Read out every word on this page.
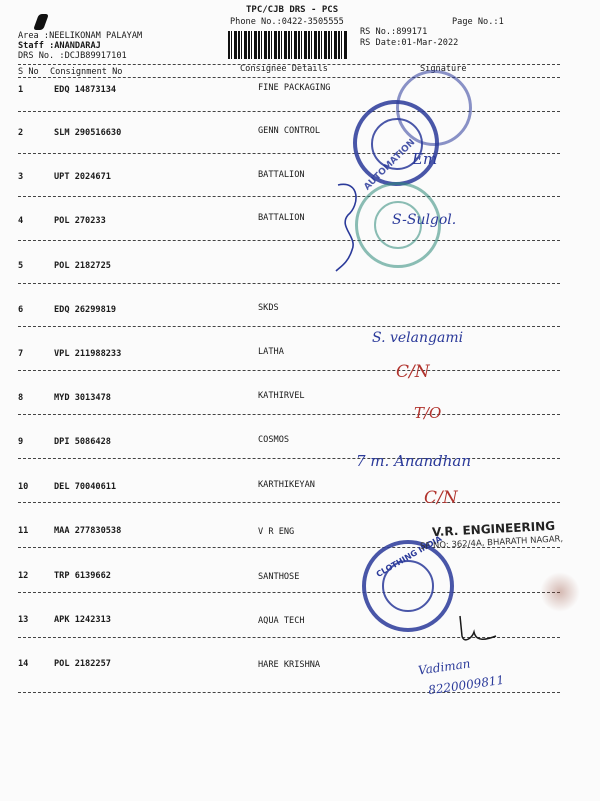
TPC/CJB DRS - PCS
Phone No.:0422-3505555	Page No.:1
RS No.:899171
RS Date:01-Mar-2022
Area :NEELIKONAM PALAYAM
Staff :ANANDARAJ
DRS No. :DCJB89917101
S No Consignment No	Consignee Details	Signature
1	EDQ 14873134	FINE PACKAGING
2	SLM 290516630	GENN CONTROL
3	UPT 2024671	BATTALION
4	POL 270233	BATTALION
5	POL 2182725
6	EDQ 26299819	SKDS
7	VPL 211988233	LATHA
8	MYD 3013478	KATHIRVEL
9	DPI 5086428	COSMOS
10	DEL 70040611	KARTHIKEYAN
11	MAA 277830538	V R ENG
12	TRP 6139662	SANTHOSE
13	APK 1242313	AQUA TECH
14	POL 2182257	HARE KRISHNA
AUTOMATION
CLOTHING INDIA
V.R. ENGINEERING
SF NO: 362/4A, BHARATH NAGAR,
Em
S-Sulgol.
S. velangami
C/N
T/O
7 m. Anandhan
C/N
Vadiman
8220009811
